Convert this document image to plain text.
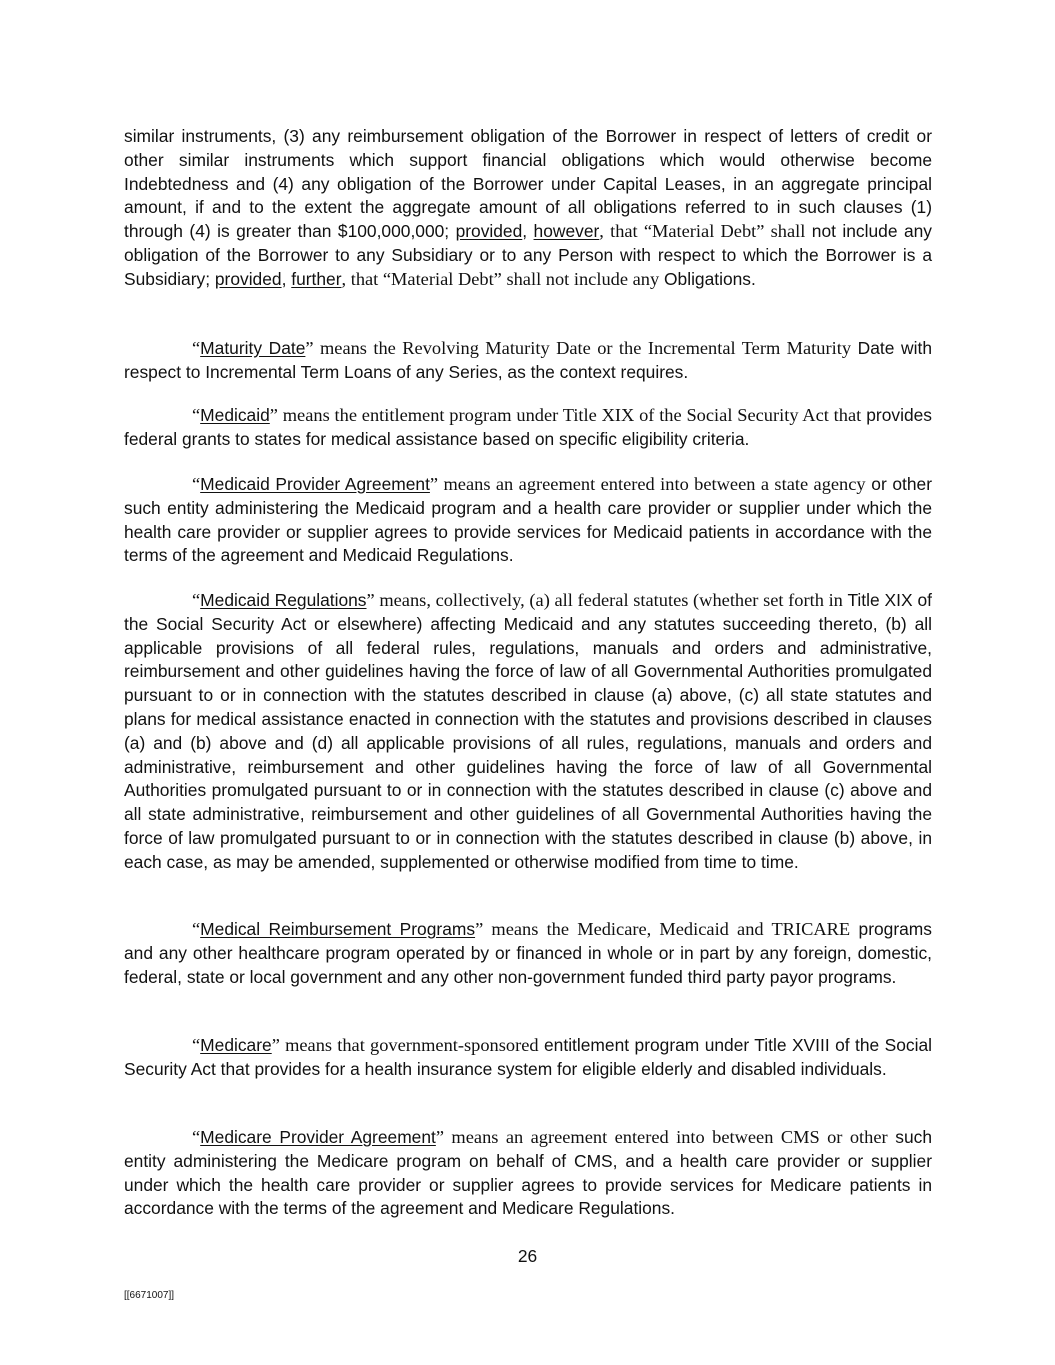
similar instruments, (3) any reimbursement obligation of the Borrower in respect of letters of credit or other similar instruments which support financial obligations which would otherwise become Indebtedness and (4) any obligation of the Borrower under Capital Leases, in an aggregate principal amount, if and to the extent the aggregate amount of all obligations referred to in such clauses (1) through (4) is greater than $100,000,000; provided, however, that “Material Debt” shall not include any obligation of the Borrower to any Subsidiary or to any Person with respect to which the Borrower is a Subsidiary; provided, further, that “Material Debt” shall not include any Obligations.

“Maturity Date” means the Revolving Maturity Date or the Incremental Term Maturity Date with respect to Incremental Term Loans of any Series, as the context requires.

“Medicaid” means the entitlement program under Title XIX of the Social Security Act that provides federal grants to states for medical assistance based on specific eligibility criteria.

“Medicaid Provider Agreement” means an agreement entered into between a state agency or other such entity administering the Medicaid program and a health care provider or supplier under which the health care provider or supplier agrees to provide services for Medicaid patients in accordance with the terms of the agreement and Medicaid Regulations.

“Medicaid Regulations” means, collectively, (a) all federal statutes (whether set forth in Title XIX of the Social Security Act or elsewhere) affecting Medicaid and any statutes succeeding thereto, (b) all applicable provisions of all federal rules, regulations, manuals and orders and administrative, reimbursement and other guidelines having the force of law of all Governmental Authorities promulgated pursuant to or in connection with the statutes described in clause (a) above, (c) all state statutes and plans for medical assistance enacted in connection with the statutes and provisions described in clauses (a) and (b) above and (d) all applicable provisions of all rules, regulations, manuals and orders and administrative, reimbursement and other guidelines having the force of law of all Governmental Authorities promulgated pursuant to or in connection with the statutes described in clause (c) above and all state administrative, reimbursement and other guidelines of all Governmental Authorities having the force of law promulgated pursuant to or in connection with the statutes described in clause (b) above, in each case, as may be amended, supplemented or otherwise modified from time to time.

“Medical Reimbursement Programs” means the Medicare, Medicaid and TRICARE programs and any other healthcare program operated by or financed in whole or in part by any foreign, domestic, federal, state or local government and any other non-government funded third party payor programs.

“Medicare” means that government-sponsored entitlement program under Title XVIII of the Social Security Act that provides for a health insurance system for eligible elderly and disabled individuals.

“Medicare Provider Agreement” means an agreement entered into between CMS or other such entity administering the Medicare program on behalf of CMS, and a health care provider or supplier under which the health care provider or supplier agrees to provide services for Medicare patients in accordance with the terms of the agreement and Medicare Regulations.

26

[[6671007]]
